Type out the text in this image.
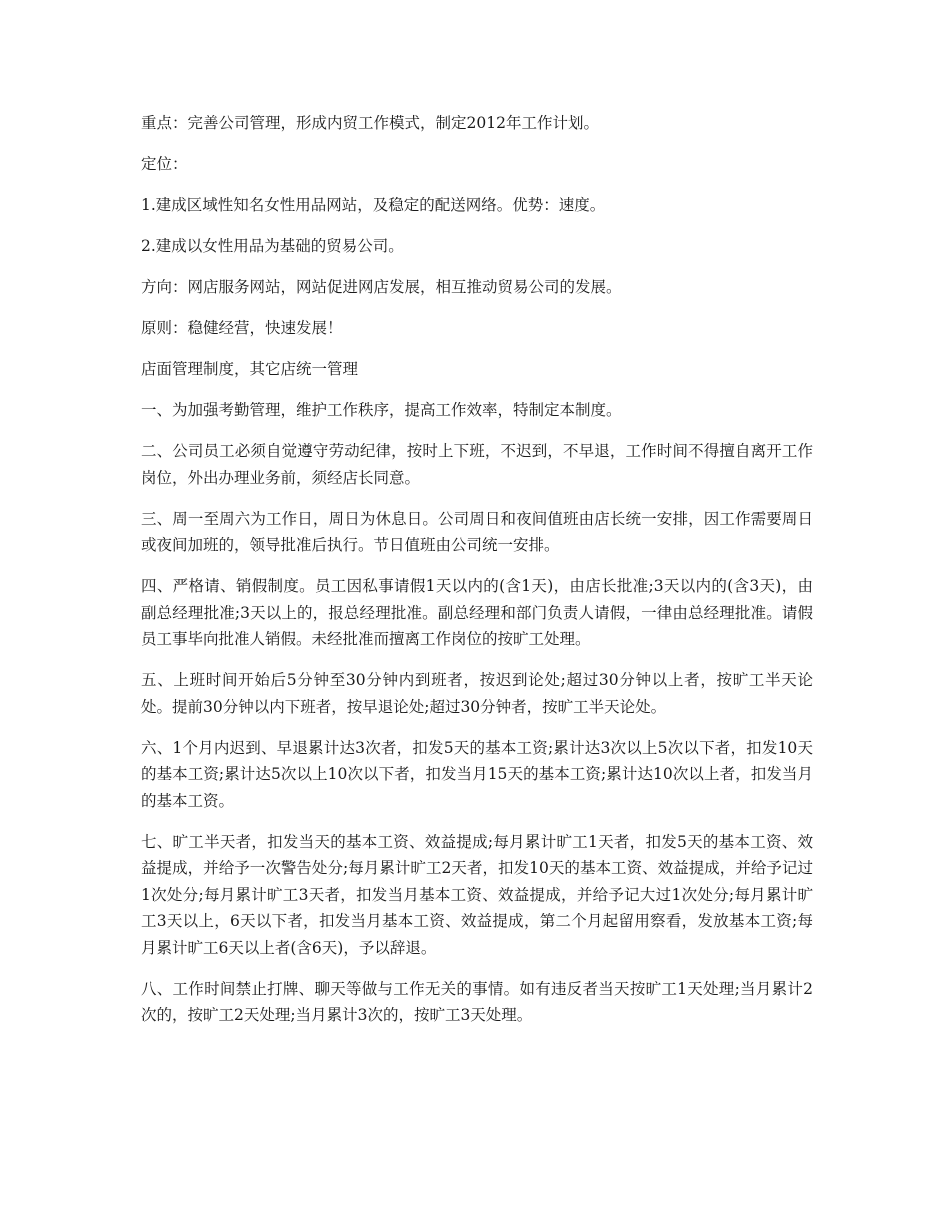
重点：完善公司管理，形成内贸工作模式，制定2012年工作计划。

定位：

1.建成区域性知名女性用品网站，及稳定的配送网络。优势：速度。

2.建成以女性用品为基础的贸易公司。

方向：网店服务网站，网站促进网店发展，相互推动贸易公司的发展。

原则：稳健经营，快速发展！

店面管理制度，其它店统一管理

一、为加强考勤管理，维护工作秩序，提高工作效率，特制定本制度。

二、公司员工必须自觉遵守劳动纪律，按时上下班，不迟到，不早退，工作时间不得擅自离开工作岗位，外出办理业务前，须经店长同意。

三、周一至周六为工作日，周日为休息日。公司周日和夜间值班由店长统一安排，因工作需要周日或夜间加班的，领导批准后执行。节日值班由公司统一安排。

四、严格请、销假制度。员工因私事请假1天以内的(含1天)，由店长批准;3天以内的(含3天)，由副总经理批准;3天以上的，报总经理批准。副总经理和部门负责人请假，一律由总经理批准。请假员工事毕向批准人销假。未经批准而擅离工作岗位的按旷工处理。

五、上班时间开始后5分钟至30分钟内到班者，按迟到论处;超过30分钟以上者，按旷工半天论处。提前30分钟以内下班者，按早退论处;超过30分钟者，按旷工半天论处。

六、1个月内迟到、早退累计达3次者，扣发5天的基本工资;累计达3次以上5次以下者，扣发10天的基本工资;累计达5次以上10次以下者，扣发当月15天的基本工资;累计达10次以上者，扣发当月的基本工资。

七、旷工半天者，扣发当天的基本工资、效益提成;每月累计旷工1天者，扣发5天的基本工资、效益提成，并给予一次警告处分;每月累计旷工2天者，扣发10天的基本工资、效益提成，并给予记过1次处分;每月累计旷工3天者，扣发当月基本工资、效益提成，并给予记大过1次处分;每月累计旷工3天以上，6天以下者，扣发当月基本工资、效益提成，第二个月起留用察看，发放基本工资;每月累计旷工6天以上者(含6天)，予以辞退。

八、工作时间禁止打牌、聊天等做与工作无关的事情。如有违反者当天按旷工1天处理;当月累计2次的，按旷工2天处理;当月累计3次的，按旷工3天处理。
